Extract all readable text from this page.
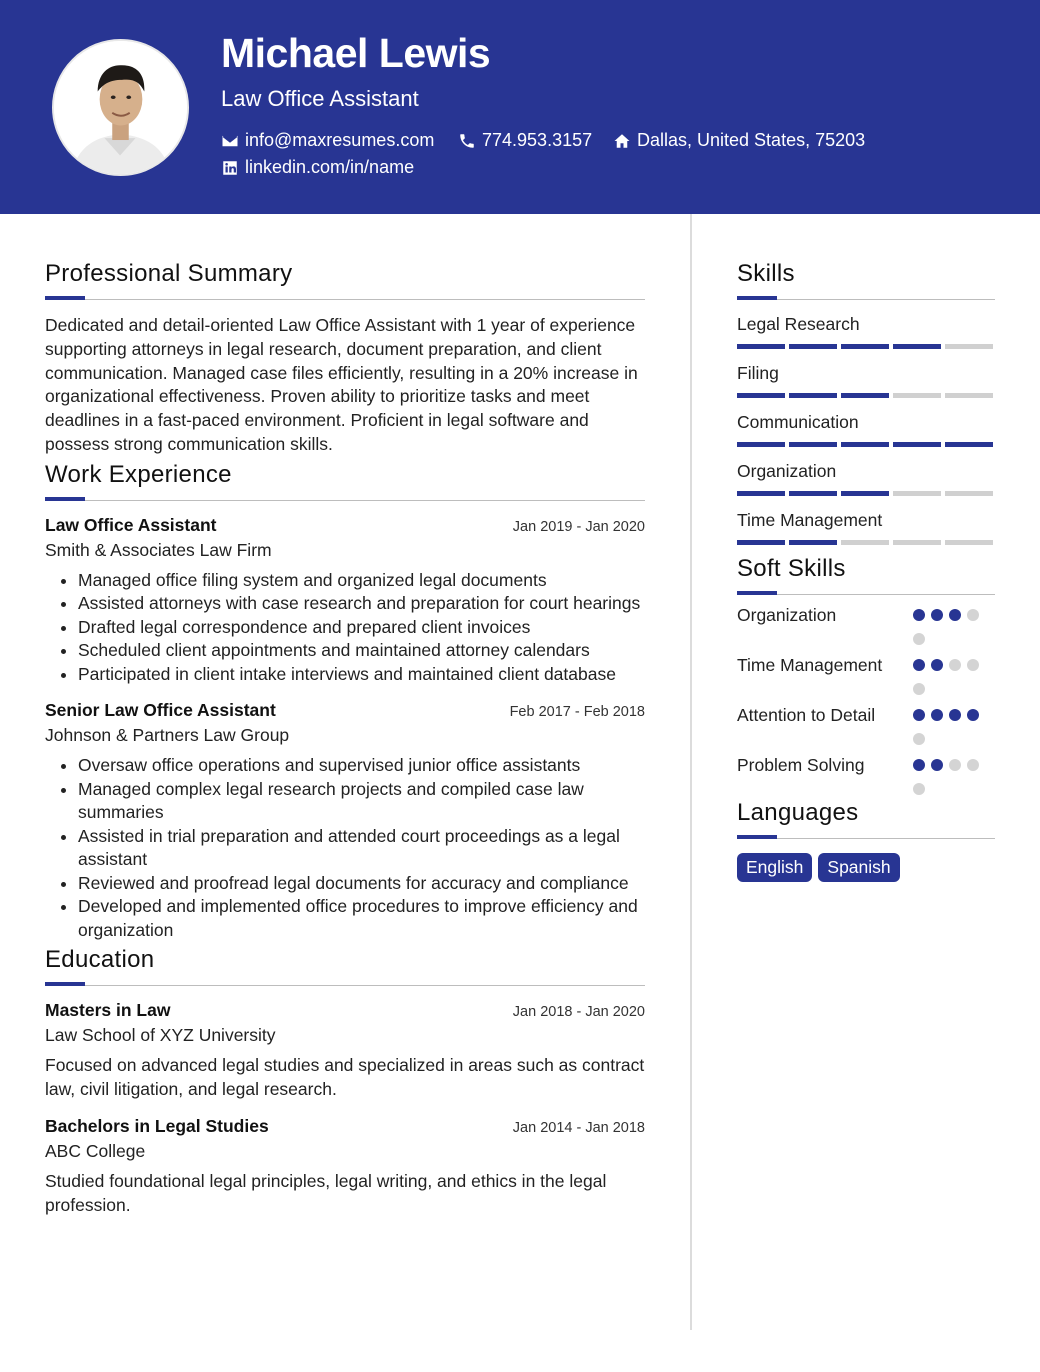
Michael Lewis
Law Office Assistant
info@maxresumes.com	774.953.3157 Dallas, United States, 75203
linkedin.com/in/name
Professional Summary

Dedicated and detail-oriented Law Office Assistant with 1 year of experience supporting attorneys in legal research, document preparation, and client communication. Managed case files efficiently, resulting in a 20% increase in organizational effectiveness. Proven ability to prioritize tasks and meet deadlines in a fast-paced environment. Proficient in legal software and possess strong communication skills.

Work Experience
Law Office Assistant	Jan 2019 - Jan 2020
Smith & Associates Law Firm
• Managed office filing system and organized legal documents
• Assisted attorneys with case research and preparation for court hearings
• Drafted legal correspondence and prepared client invoices
• Scheduled client appointments and maintained attorney calendars
• Participated in client intake interviews and maintained client database
Senior Law Office Assistant	Feb 2017 - Feb 2018
Johnson & Partners Law Group
• Oversaw office operations and supervised junior office assistants
• Managed complex legal research projects and compiled case law summaries
• Assisted in trial preparation and attended court proceedings as a legal assistant
• Reviewed and proofread legal documents for accuracy and compliance
• Developed and implemented office procedures to improve efficiency and organization
Education
Masters in Law	Jan 2018 - Jan 2020
Law School of XYZ University

Focused on advanced legal studies and specialized in areas such as contract law, civil litigation, and legal research.

Bachelors in Legal Studies	Jan 2014 - Jan 2018
ABC College

Studied foundational legal principles, legal writing, and ethics in the legal profession.

Skills
Legal Research
Filing
Communication
Organization
Time Management
Soft Skills
Organization
Time Management
Attention to Detail
Problem Solving
Languages
English	Spanish
